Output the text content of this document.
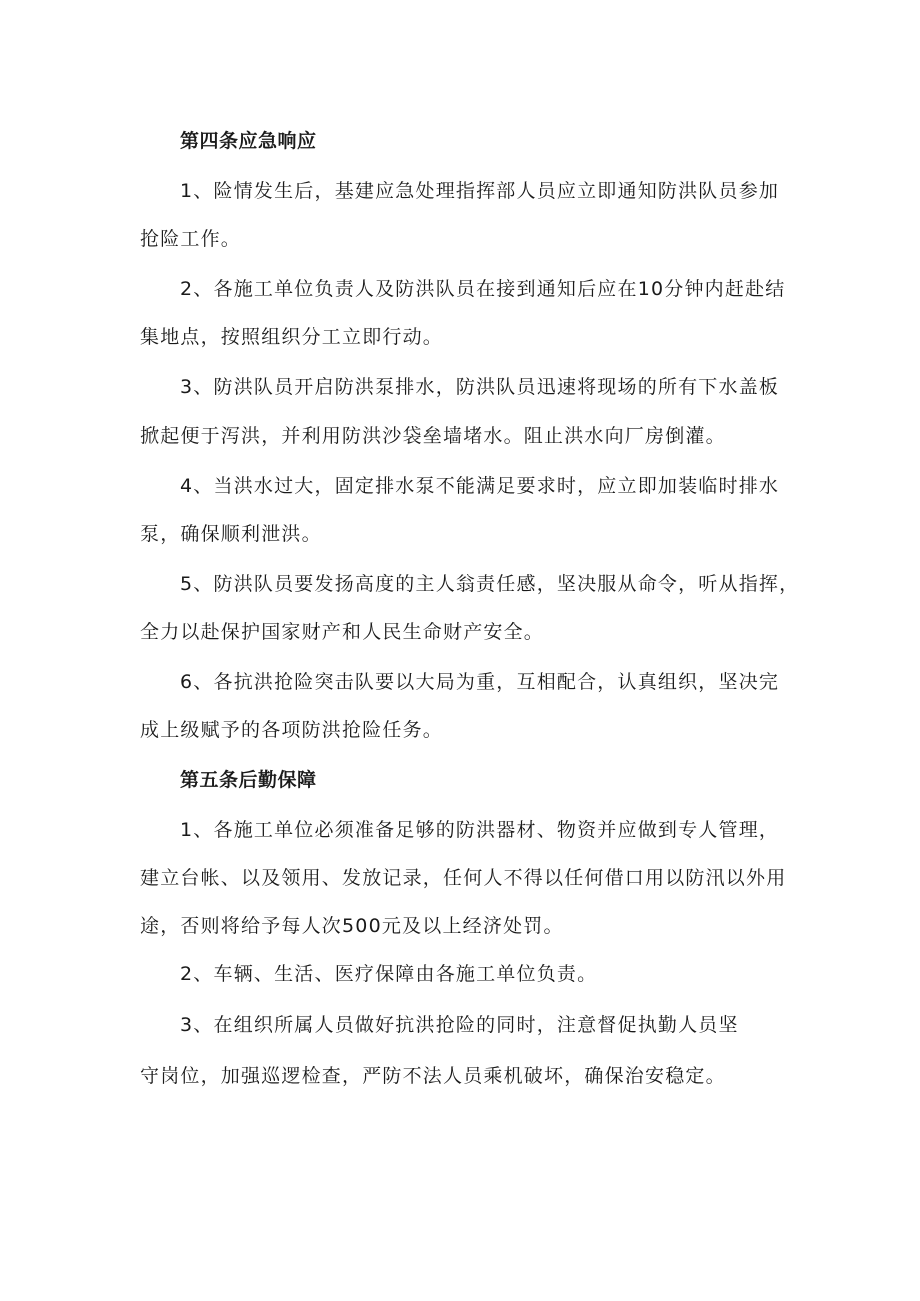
第四条应急响应
1、险情发生后，基建应急处理指挥部人员应立即通知防洪队员参加
抢险工作。
2、各施工单位负责人及防洪队员在接到通知后应在10分钟内赶赴结
集地点，按照组织分工立即行动。
3、防洪队员开启防洪泵排水，防洪队员迅速将现场的所有下水盖板
掀起便于泻洪，并利用防洪沙袋垒墙堵水。阻止洪水向厂房倒灌。
4、当洪水过大，固定排水泵不能满足要求时，应立即加装临时排水
泵，确保顺利泄洪。
5、防洪队员要发扬高度的主人翁责任感，坚决服从命令，听从指挥，
全力以赴保护国家财产和人民生命财产安全。
6、各抗洪抢险突击队要以大局为重，互相配合，认真组织，坚决完
成上级赋予的各项防洪抢险任务。
第五条后勤保障
1、各施工单位必须准备足够的防洪器材、物资并应做到专人管理，
建立台帐、以及领用、发放记录，任何人不得以任何借口用以防汛以外用
途，否则将给予每人次500元及以上经济处罚。
2、车辆、生活、医疗保障由各施工单位负责。
3、在组织所属人员做好抗洪抢险的同时，注意督促执勤人员坚
守岗位，加强巡逻检查，严防不法人员乘机破坏，确保治安稳定。
